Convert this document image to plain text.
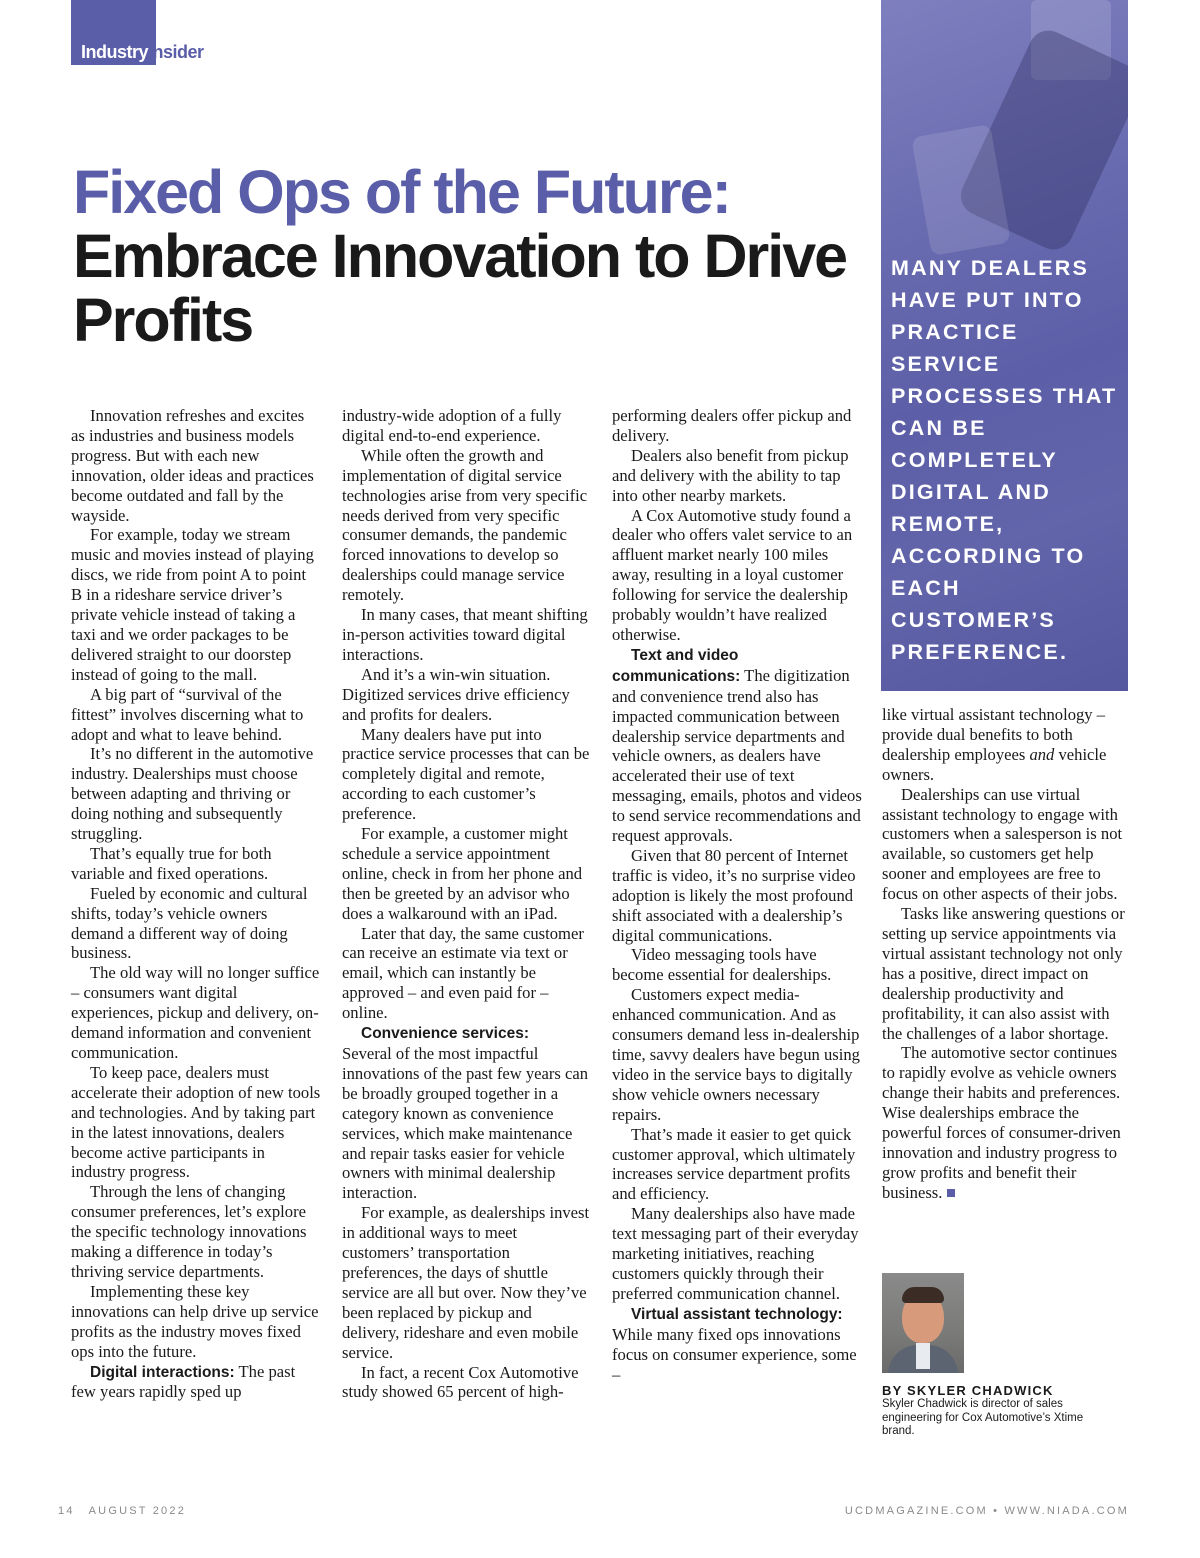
IndustryInsider
Fixed Ops of the Future:
Embrace Innovation to Drive Profits
MANY DEALERS HAVE PUT INTO PRACTICE SERVICE PROCESSES THAT CAN BE COMPLETELY DIGITAL AND REMOTE, ACCORDING TO EACH CUSTOMER’S PREFERENCE.

Innovation refreshes and excites as industries and business models progress. But with each new innovation, older ideas and practices become outdated and fall by the wayside.

For example, today we stream music and movies instead of playing discs, we ride from point A to point B in a rideshare service driver’s private vehicle instead of taking a taxi and we order packages to be delivered straight to our doorstep instead of going to the mall.

A big part of “survival of the fittest” involves discerning what to adopt and what to leave behind.

It’s no different in the automotive industry. Dealerships must choose between adapting and thriving or doing nothing and subsequently struggling.

That’s equally true for both variable and fixed operations.

Fueled by economic and cultural shifts, today’s vehicle owners demand a different way of doing business.

The old way will no longer suffice – consumers want digital experiences, pickup and delivery, on-demand information and convenient communication.

To keep pace, dealers must accelerate their adoption of new tools and technologies. And by taking part in the latest innovations, dealers become active participants in industry progress.

Through the lens of changing consumer preferences, let’s explore the specific technology innovations making a difference in today’s thriving service departments.

Implementing these key innovations can help drive up service profits as the industry moves fixed ops into the future.

Digital interactions: The past few years rapidly sped up

industry-wide adoption of a fully digital end-to-end experience.

While often the growth and implementation of digital service technologies arise from very specific needs derived from very specific consumer demands, the pandemic forced innovations to develop so dealerships could manage service remotely.

In many cases, that meant shifting in-person activities toward digital interactions.

And it’s a win-win situation. Digitized services drive efficiency and profits for dealers.

Many dealers have put into practice service processes that can be completely digital and remote, according to each customer’s preference.

For example, a customer might schedule a service appointment online, check in from her phone and then be greeted by an advisor who does a walkaround with an iPad.

Later that day, the same customer can receive an estimate via text or email, which can instantly be approved – and even paid for – online.

Convenience services:

Several of the most impactful innovations of the past few years can be broadly grouped together in a category known as convenience services, which make maintenance and repair tasks easier for vehicle owners with minimal dealership interaction.

For example, as dealerships invest in additional ways to meet customers’ transportation preferences, the days of shuttle service are all but over. Now they’ve been replaced by pickup and delivery, rideshare and even mobile service.

In fact, a recent Cox Automotive study showed 65 percent of high-

performing dealers offer pickup and delivery.

Dealers also benefit from pickup and delivery with the ability to tap into other nearby markets.

A Cox Automotive study found a dealer who offers valet service to an affluent market nearly 100 miles away, resulting in a loyal customer following for service the dealership probably wouldn’t have realized otherwise.

Text and video communications: The digitization and convenience trend also has impacted communication between dealership service departments and vehicle owners, as dealers have accelerated their use of text messaging, emails, photos and videos to send service recommendations and request approvals.

Given that 80 percent of Internet traffic is video, it’s no surprise video adoption is likely the most profound shift associated with a dealership’s digital communications.

Video messaging tools have become essential for dealerships.

Customers expect media-enhanced communication. And as consumers demand less in-dealership time, savvy dealers have begun using video in the service bays to digitally show vehicle owners necessary repairs.

That’s made it easier to get quick customer approval, which ultimately increases service department profits and efficiency.

Many dealerships also have made text messaging part of their everyday marketing initiatives, reaching customers quickly through their preferred communication channel.

Virtual assistant technology: While many fixed ops innovations focus on consumer experience, some –

like virtual assistant technology – provide dual benefits to both dealership employees and vehicle owners.

Dealerships can use virtual assistant technology to engage with customers when a salesperson is not available, so customers get help sooner and employees are free to focus on other aspects of their jobs.

Tasks like answering questions or setting up service appointments via virtual assistant technology not only has a positive, direct impact on dealership productivity and profitability, it can also assist with the challenges of a labor shortage.

The automotive sector continues to rapidly evolve as vehicle owners change their habits and preferences. Wise dealerships embrace the powerful forces of consumer-driven innovation and industry progress to grow profits and benefit their business.

BY SKYLER CHADWICK
Skyler Chadwick is director of sales engineering for Cox Automotive’s Xtime brand.
14 AUGUST 2022	UCDMAGAZINE.COM • WWW.NIADA.COM
